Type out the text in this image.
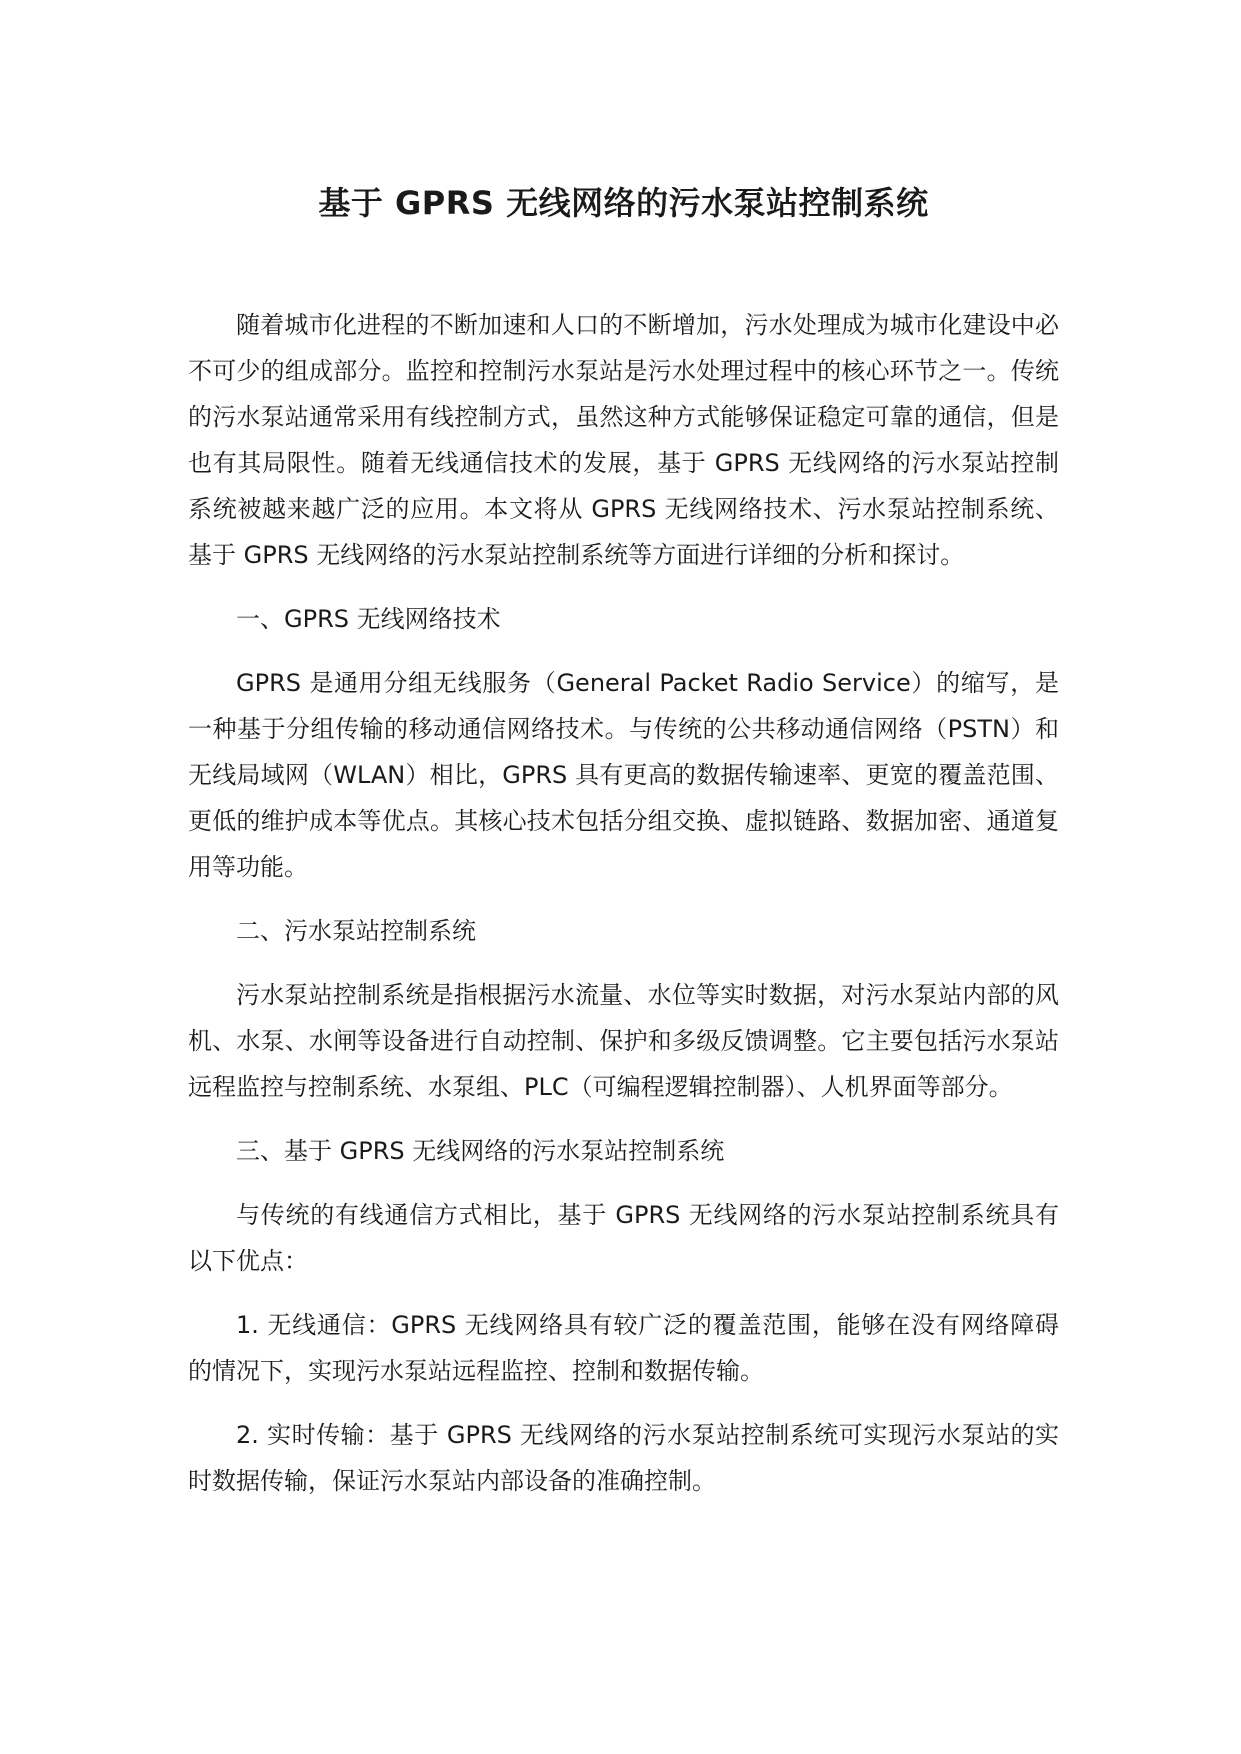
基于 GPRS 无线网络的污水泵站控制系统

随着城市化进程的不断加速和人口的不断增加，污水处理成为城市化建设中必不可少的组成部分。监控和控制污水泵站是污水处理过程中的核心环节之一。传统的污水泵站通常采用有线控制方式，虽然这种方式能够保证稳定可靠的通信，但是也有其局限性。随着无线通信技术的发展，基于 GPRS 无线网络的污水泵站控制系统被越来越广泛的应用。本文将从 GPRS 无线网络技术、污水泵站控制系统、基于 GPRS 无线网络的污水泵站控制系统等方面进行详细的分析和探讨。

一、GPRS 无线网络技术

GPRS 是通用分组无线服务（General Packet Radio Service）的缩写，是一种基于分组传输的移动通信网络技术。与传统的公共移动通信网络（PSTN）和无线局域网（WLAN）相比，GPRS 具有更高的数据传输速率、更宽的覆盖范围、更低的维护成本等优点。其核心技术包括分组交换、虚拟链路、数据加密、通道复用等功能。

二、污水泵站控制系统

污水泵站控制系统是指根据污水流量、水位等实时数据，对污水泵站内部的风机、水泵、水闸等设备进行自动控制、保护和多级反馈调整。它主要包括污水泵站远程监控与控制系统、水泵组、PLC（可编程逻辑控制器）、人机界面等部分。

三、基于 GPRS 无线网络的污水泵站控制系统

与传统的有线通信方式相比，基于 GPRS 无线网络的污水泵站控制系统具有以下优点：

1. 无线通信：GPRS 无线网络具有较广泛的覆盖范围，能够在没有网络障碍的情况下，实现污水泵站远程监控、控制和数据传输。

2. 实时传输：基于 GPRS 无线网络的污水泵站控制系统可实现污水泵站的实时数据传输，保证污水泵站内部设备的准确控制。
